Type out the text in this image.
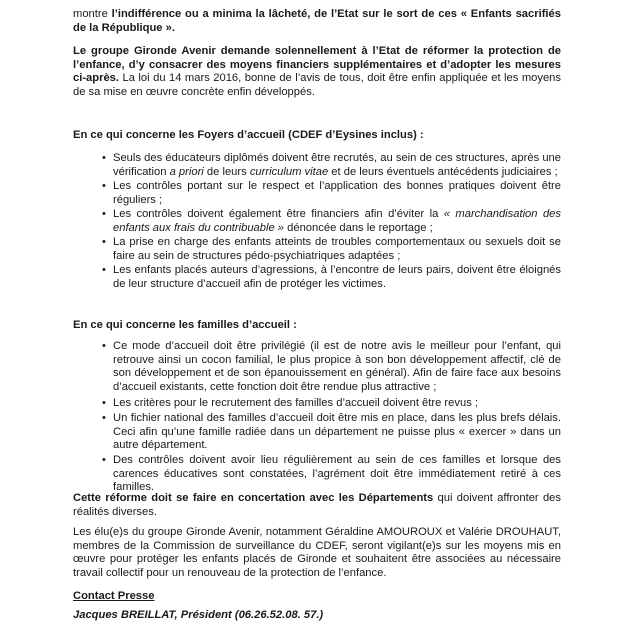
montre l’indifférence ou a minima la lâcheté, de l’Etat sur le sort de ces « Enfants sacrifiés de la République ».

Le groupe Gironde Avenir demande solennellement à l’Etat de réformer la protection de l’enfance, d’y consacrer des moyens financiers supplémentaires et d’adopter les mesures ci-après. La loi du 14 mars 2016, bonne de l’avis de tous, doit être enfin appliquée et les moyens de sa mise en œuvre concrète enfin développés.

En ce qui concerne les Foyers d’accueil (CDEF d’Eysines inclus) :

• Seuls des éducateurs diplômés doivent être recrutés, au sein de ces structures, après une vérification a priori de leurs curriculum vitae et de leurs éventuels antécédents judiciaires ;
• Les contrôles portant sur le respect et l’application des bonnes pratiques doivent être réguliers ;
• Les contrôles doivent également être financiers afin d’éviter la « marchandisation des enfants aux frais du contribuable » dénoncée dans le reportage ;
• La prise en charge des enfants atteints de troubles comportementaux ou sexuels doit se faire au sein de structures pédo-psychiatriques adaptées ;
• Les enfants placés auteurs d’agressions, à l’encontre de leurs pairs, doivent être éloignés de leur structure d’accueil afin de protéger les victimes.

En ce qui concerne les familles d’accueil :

• Ce mode d’accueil doit être privilégié (il est de notre avis le meilleur pour l’enfant, qui retrouve ainsi un cocon familial, le plus propice à son bon développement affectif, clé de son développement et de son épanouissement en général). Afin de faire face aux besoins d’accueil existants, cette fonction doit être rendue plus attractive ;
• Les critères pour le recrutement des familles d’accueil doivent être revus ;
• Un fichier national des familles d’accueil doit être mis en place, dans les plus brefs délais. Ceci afin qu’une famille radiée dans un département ne puisse plus « exercer » dans un autre département.
• Des contrôles doivent avoir lieu régulièrement au sein de ces familles et lorsque des carences éducatives sont constatées, l’agrément doit être immédiatement retiré à ces familles.

Cette réforme doit se faire en concertation avec les Départements qui doivent affronter des réalités diverses.

Les élu(e)s du groupe Gironde Avenir, notamment Géraldine AMOUROUX et Valérie DROUHAUT, membres de la Commission de surveillance du CDEF, seront vigilant(e)s sur les moyens mis en œuvre pour protéger les enfants placés de Gironde et souhaitent être associées au nécessaire travail collectif pour un renouveau de la protection de l’enfance.

Contact Presse

Jacques BREILLAT, Président (06.26.52.08. 57.)
